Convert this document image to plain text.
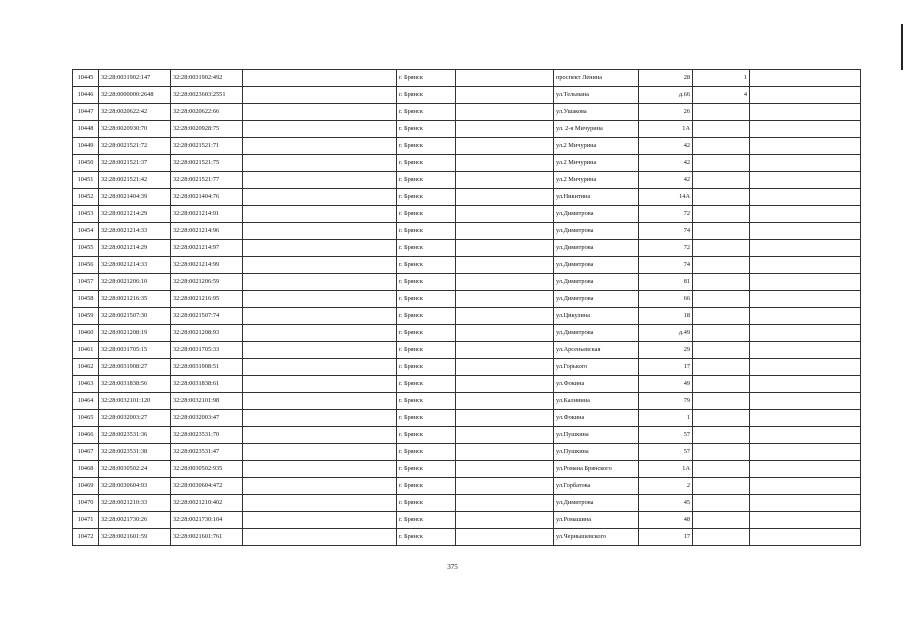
10445	32:28:0031902:147	32:28:0031902:492		г. Брянск		проспект Ленина	28	1	
10446	32:28:0000000:2648	32:28:0023603:2551		г. Брянск		ул.Тельмана	д.66	4	
10447	32:28:0020622:42	32:28:0020622:66		г. Брянск		ул.Ушакова	26		
10448	32:28:0020930:70	32:28:0020928:75		г. Брянск		ул. 2-я Мичурина	1А		
10449	32:28:0021521:72	32:28:0021521:71		г. Брянск		ул.2 Мичурина	42		
10450	32:28:0021521:37	32:28:0021521:75		г. Брянск		ул.2 Мичурина	42		
10451	32:28:0021521:42	32:28:0021521:77		г. Брянск		ул.2 Мичурина	42		
10452	32:28:0021404:39	32:28:0021404:76		г. Брянск		ул.Никитина	14А		
10453	32:28:0021214:29	32:28:0021214:91		г. Брянск		ул.Димитрова	72		
10454	32:28:0021214:33	32:28:0021214:96		г. Брянск		ул.Димитрова	74		
10455	32:28:0021214:29	32:28:0021214:97		г. Брянск		ул.Димитрова	72		
10456	32:28:0021214:33	32:28:0021214:99		г. Брянск		ул.Димитрова	74		
10457	32:28:0021206:10	32:28:0021206:59		г. Брянск		ул.Димитрова	81		
10458	32:28:0021216:35	32:28:0021216:95		г. Брянск		ул.Димитрова	66		
10459	32:28:0021507:30	32:28:0021507:74		г. Брянск		ул.Цикулина	18		
10460	32:28:0021208:19	32:28:0021208:93		г. Брянск		ул.Димитрова	д.49		
10461	32:28:0031705:15	32:28:0031705:33		г. Брянск		ул.Арсеньевская	29		
10462	32:28:0031908:27	32:28:0031908:51		г. Брянск		ул.Горького	17		
10463	32:28:0031838:56	32:28:0031838:61		г. Брянск		ул.Фокина	49		
10464	32:28:0032101:120	32:28:0032101:98		г. Брянск		ул.Калинина	79		
10465	32:28:0032003:27	32:28:0032003:47		г. Брянск		ул.Фокина	1		
10466	32:28:0023531:36	32:28:0023531:70		г. Брянск		ул.Пушкина	57		
10467	32:28:0023531:38	32:28:0023531:47		г. Брянск		ул.Пушкина	57		
10468	32:28:0030502:24	32:28:0030502:935		г. Брянск		ул.Романа Брянского	1А		
10469	32:28:0030604:93	32:28:0030604:472		г. Брянск		ул.Горбатова	2		
10470	32:28:0021210:33	32:28:0021210:402		г. Брянск		ул.Димитрова	45		
10471	32:28:0021730:26	32:28:0021730:104		г. Брянск		ул.Ромашина	48		
10472	32:28:0021601:59	32:28:0021601:761		г. Брянск		ул.Чернышевского	17		
375
